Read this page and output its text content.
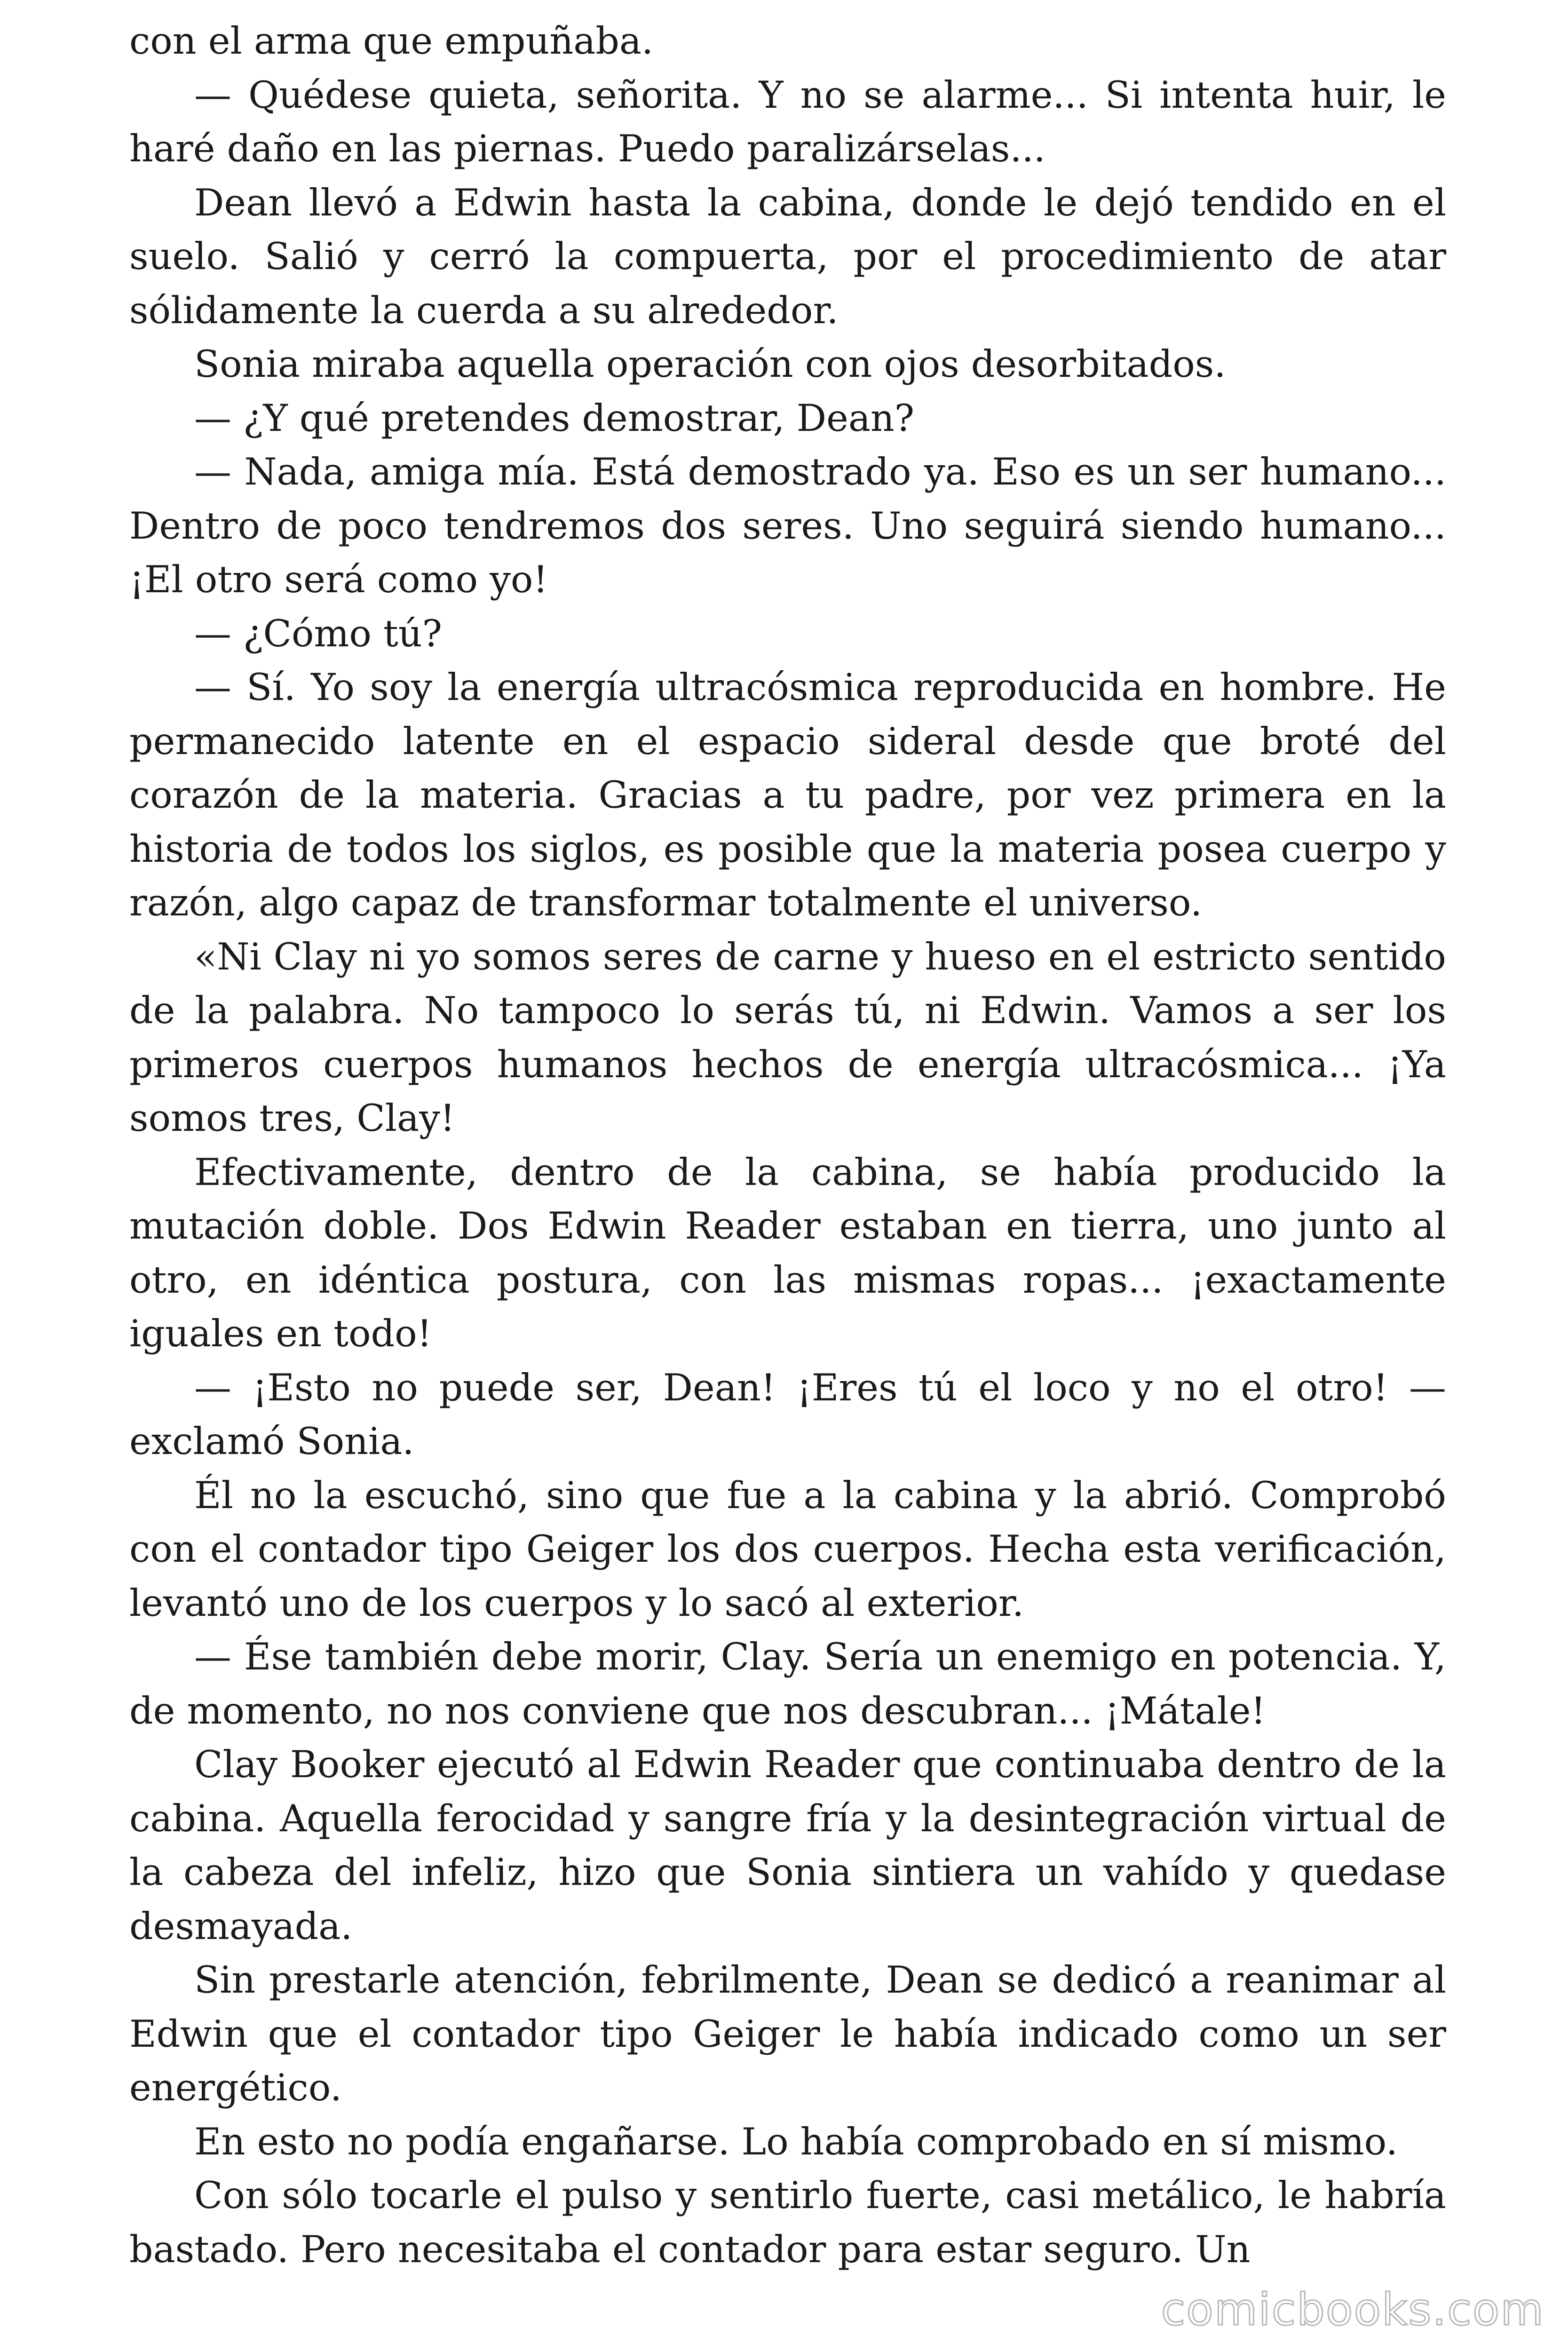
con el arma que empuñaba.

— Quédese quieta, señorita. Y no se alarme... Si intenta huir, le haré daño en las piernas. Puedo paralizárselas...

Dean llevó a Edwin hasta la cabina, donde le dejó tendido en el suelo. Salió y cerró la compuerta, por el procedimiento de atar sólidamente la cuerda a su alrededor.

Sonia miraba aquella operación con ojos desorbitados.

— ¿Y qué pretendes demostrar, Dean?

— Nada, amiga mía. Está demostrado ya. Eso es un ser humano... Dentro de poco tendremos dos seres. Uno seguirá siendo humano... ¡El otro será como yo!

— ¿Cómo tú?

— Sí. Yo soy la energía ultracósmica reproducida en hombre. He permanecido latente en el espacio sideral desde que broté del corazón de la materia. Gracias a tu padre, por vez primera en la historia de todos los siglos, es posible que la materia posea cuerpo y razón, algo capaz de transformar totalmente el universo.

«Ni Clay ni yo somos seres de carne y hueso en el estricto sentido de la palabra. No tampoco lo serás tú, ni Edwin. Vamos a ser los primeros cuerpos humanos hechos de energía ultracósmica... ¡Ya somos tres, Clay!

Efectivamente, dentro de la cabina, se había producido la mutación doble. Dos Edwin Reader estaban en tierra, uno junto al otro, en idéntica postura, con las mismas ropas... ¡exactamente iguales en todo!

— ¡Esto no puede ser, Dean! ¡Eres tú el loco y no el otro! — exclamó Sonia.

Él no la escuchó, sino que fue a la cabina y la abrió. Comprobó con el contador tipo Geiger los dos cuerpos. Hecha esta verificación, levantó uno de los cuerpos y lo sacó al exterior.

— Ése también debe morir, Clay. Sería un enemigo en potencia. Y, de momento, no nos conviene que nos descubran... ¡Mátale!

Clay Booker ejecutó al Edwin Reader que continuaba dentro de la cabina. Aquella ferocidad y sangre fría y la desintegración virtual de la cabeza del infeliz, hizo que Sonia sintiera un vahído y quedase desmayada.

Sin prestarle atención, febrilmente, Dean se dedicó a reanimar al Edwin que el contador tipo Geiger le había indicado como un ser energético.

En esto no podía engañarse. Lo había comprobado en sí mismo.

Con sólo tocarle el pulso y sentirlo fuerte, casi metálico, le habría bastado. Pero necesitaba el contador para estar seguro. Un

comicbooks.com
